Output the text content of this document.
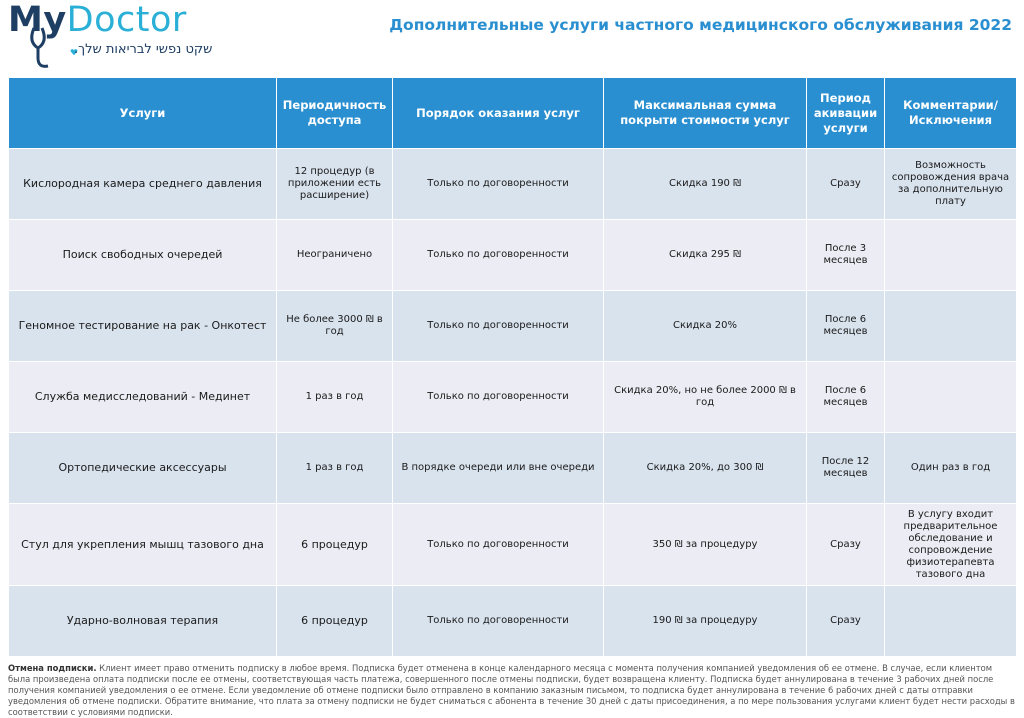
MyDoctor
שקט נפשי לבריאות שלך.
Дополнительные услуги частного медицинского обслуживания 2022
Услуги	Периодичность доступа	Порядок оказания услуг	Максимальная сумма покрыти стоимости услуг	Период акивации услуги	Комментарии/ Исключения
Кислородная камера среднего давления	12 процедур (в приложении есть расширение)	Только по договоренности	Скидка 190 ₪	Сразу	Возможность сопровождения врача за дополнительную плату
Поиск свободных очередей	Неограничено	Только по договоренности	Скидка 295 ₪	После 3 месяцев	
Геномное тестирование на рак - Онкотест	Не более 3000 ₪ в год	Только по договоренности	Скидка 20%	После 6 месяцев	
Служба медисследований - Мединет	1 раз в год	Только по договоренности	Скидка 20%, но не более 2000 ₪ в год	После 6 месяцев	
Ортопедические аксессуары	1 раз в год	В порядке очереди или вне очереди	Скидка 20%, до 300 ₪	После 12 месяцев	Один раз в год
Стул для укрепления мышц тазового дна	6 процедур	Только по договоренности	350 ₪ за процедуру	Сразу	В услугу входит предварительное обследование и сопровождение физиотерапевта тазового дна
Ударно-волновая терапия	6 процедур	Только по договоренности	190 ₪ за процедуру	Сразу	
Отмена подписки. Клиент имеет право отменить подписку в любое время. Подписка будет отменена в конце календарного месяца с момента получения компанией уведомления об ее отмене. В случае, если клиентом была произведена оплата подписки после ее отмены, соответствующая часть платежа, совершенного после отмены подписки, будет возвращена клиенту. Подписка будет аннулирована в течение 3 рабочих дней после получения компанией уведомления о ее отмене. Если уведомление об отмене подписки было отправлено в компанию заказным письмом, то подписка будет аннулирована в течение 6 рабочих дней с даты отправки уведомления об отмене подписки. Обратите внимание, что плата за отмену подписки не будет сниматься с абонента в течение 30 дней с даты присоединения, а по мере пользования услугами клиент будет нести расходы в соответствии с условиями подписки.
